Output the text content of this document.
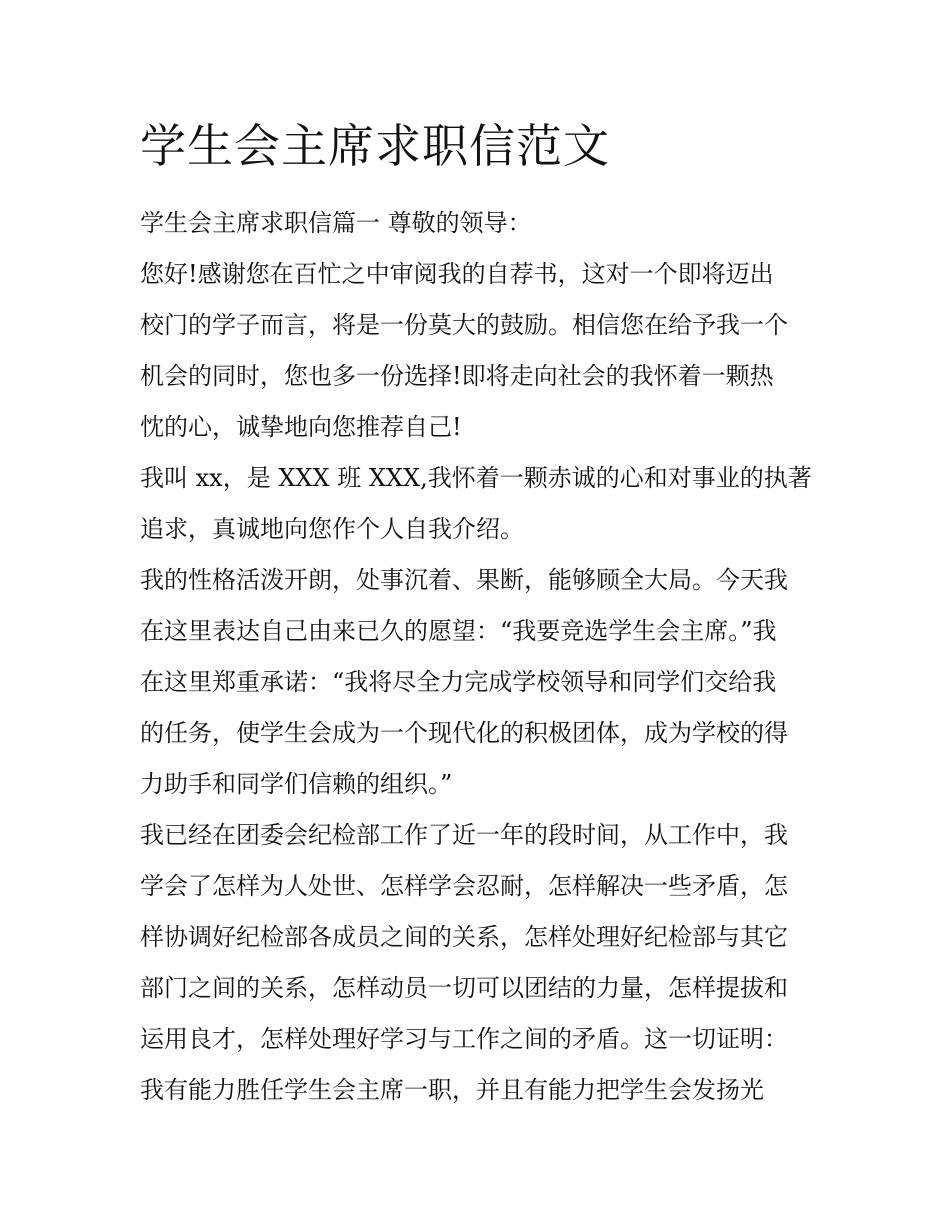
学生会主席求职信范文

学生会主席求职信篇一 尊敬的领导：

您好!感谢您在百忙之中审阅我的自荐书，这对一个即将迈出

校门的学子而言，将是一份莫大的鼓励。相信您在给予我一个

机会的同时，您也多一份选择!即将走向社会的我怀着一颗热

忱的心，诚挚地向您推荐自己!

我叫 xx，是 XXX 班 XXX,我怀着一颗赤诚的心和对事业的执著

追求，真诚地向您作个人自我介绍。

我的性格活泼开朗，处事沉着、果断，能够顾全大局。今天我

在这里表达自己由来已久的愿望：“我要竞选学生会主席。”我

在这里郑重承诺：“我将尽全力完成学校领导和同学们交给我

的任务，使学生会成为一个现代化的积极团体，成为学校的得

力助手和同学们信赖的组织。”

我已经在团委会纪检部工作了近一年的段时间，从工作中，我

学会了怎样为人处世、怎样学会忍耐，怎样解决一些矛盾，怎

样协调好纪检部各成员之间的关系，怎样处理好纪检部与其它

部门之间的关系，怎样动员一切可以团结的力量，怎样提拔和

运用良才，怎样处理好学习与工作之间的矛盾。这一切证明：

我有能力胜任学生会主席一职，并且有能力把学生会发扬光
